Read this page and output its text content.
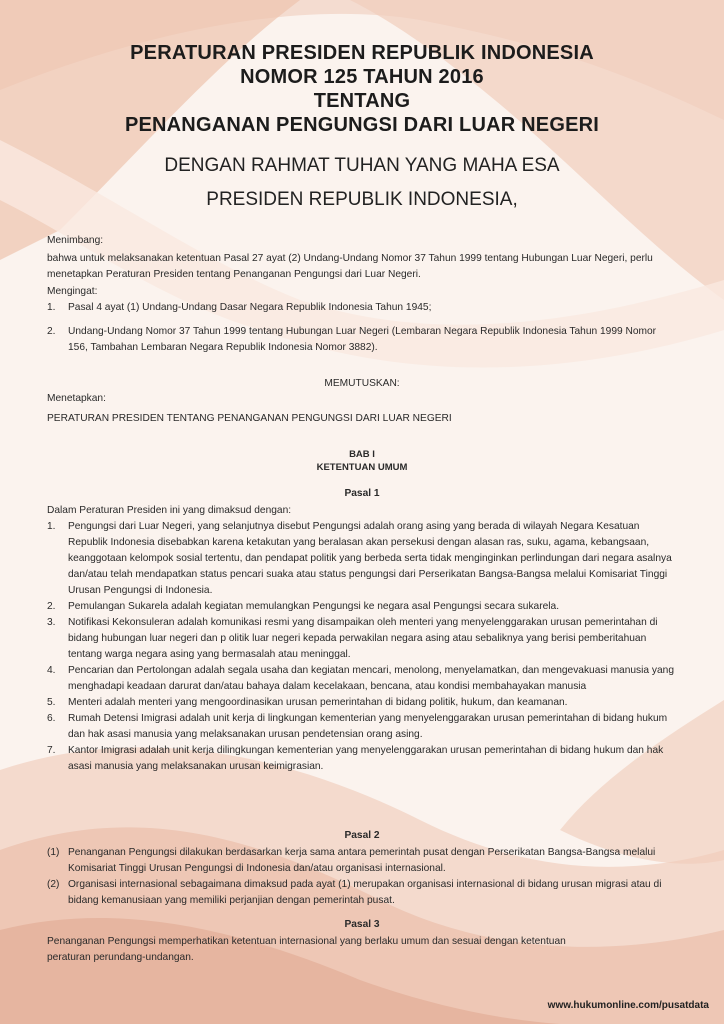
PERATURAN PRESIDEN REPUBLIK INDONESIA
NOMOR 125 TAHUN 2016
TENTANG
PENANGANAN PENGUNGSI DARI LUAR NEGERI
DENGAN RAHMAT TUHAN YANG MAHA ESA
PRESIDEN REPUBLIK INDONESIA,

Menimbang:

bahwa untuk melaksanakan ketentuan Pasal 27 ayat (2) Undang-Undang Nomor 37 Tahun 1999 tentang Hubungan Luar Negeri, perlu menetapkan Peraturan Presiden tentang Penanganan Pengungsi dari Luar Negeri.

Mengingat:

1. Pasal 4 ayat (1) Undang-Undang Dasar Negara Republik Indonesia Tahun 1945;
2. Undang-Undang Nomor 37 Tahun 1999 tentang Hubungan Luar Negeri (Lembaran Negara Republik Indonesia Tahun 1999 Nomor 156, Tambahan Lembaran Negara Republik Indonesia Nomor 3882).
MEMUTUSKAN:

Menetapkan:

PERATURAN PRESIDEN TENTANG PENANGANAN PENGUNGSI DARI LUAR NEGERI

BAB I
KETENTUAN UMUM
Pasal 1

Dalam Peraturan Presiden ini yang dimaksud dengan:

1. Pengungsi dari Luar Negeri, yang selanjutnya disebut Pengungsi adalah orang asing yang berada di wilayah Negara Kesatuan Republik Indonesia disebabkan karena ketakutan yang beralasan akan persekusi dengan alasan ras, suku, agama, kebangsaan, keanggotaan kelompok sosial tertentu, dan pendapat politik yang berbeda serta tidak menginginkan perlindungan dari negara asalnya dan/atau telah mendapatkan status pencari suaka atau status pengungsi dari Perserikatan Bangsa-Bangsa melalui Komisariat Tinggi Urusan Pengungsi di Indonesia.
2. Pemulangan Sukarela adalah kegiatan memulangkan Pengungsi ke negara asal Pengungsi secara sukarela.
3. Notifikasi Kekonsuleran adalah komunikasi resmi yang disampaikan oleh menteri yang menyelenggarakan urusan pemerintahan di bidang hubungan luar negeri dan p olitik luar negeri kepada perwakilan negara asing atau sebaliknya yang berisi pemberitahuan tentang warga negara asing yang bermasalah atau meninggal.
4. Pencarian dan Pertolongan adalah segala usaha dan kegiatan mencari, menolong, menyelamatkan, dan mengevakuasi manusia yang menghadapi keadaan darurat dan/atau bahaya dalam kecelakaan, bencana, atau kondisi membahayakan manusia
5. Menteri adalah menteri yang mengoordinasikan urusan pemerintahan di bidang politik, hukum, dan keamanan.
6. Rumah Detensi Imigrasi adalah unit kerja di lingkungan kementerian yang menyelenggarakan urusan pemerintahan di bidang hukum dan hak asasi manusia yang melaksanakan urusan pendetensian orang asing.
7. Kantor Imigrasi adalah unit kerja dilingkungan kementerian yang menyelenggarakan urusan pemerintahan di bidang hukum dan hak asasi manusia yang melaksanakan urusan keimigrasian.
Pasal 2
(1) Penanganan Pengungsi dilakukan berdasarkan kerja sama antara pemerintah pusat dengan Perserikatan Bangsa-Bangsa melalui Komisariat Tinggi Urusan Pengungsi di Indonesia dan/atau organisasi internasional.
(2) Organisasi internasional sebagaimana dimaksud pada ayat (1) merupakan organisasi internasional di bidang urusan migrasi atau di bidang kemanusiaan yang memiliki perjanjian dengan pemerintah pusat.
Pasal 3
Penanganan Pengungsi memperhatikan ketentuan internasional yang berlaku umum dan sesuai dengan ketentuan peraturan perundang-undangan.
www.hukumonline.com/pusatdata
